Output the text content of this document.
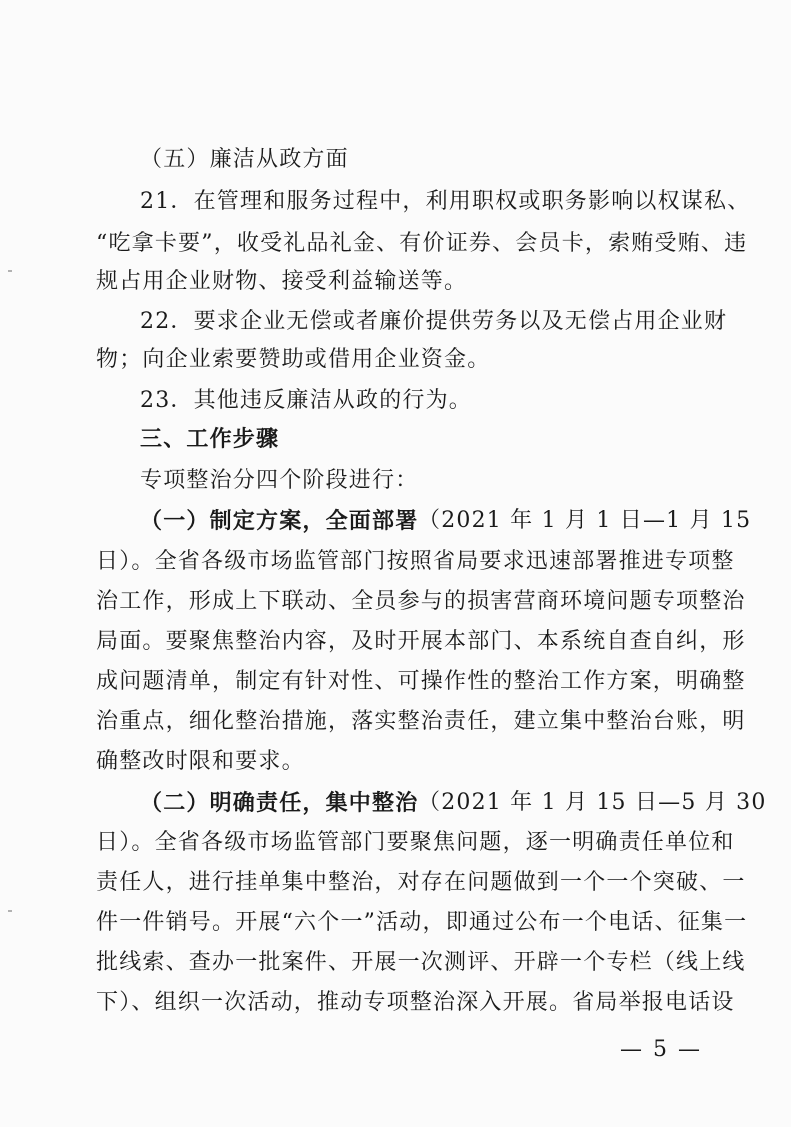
（五）廉洁从政方面
21．在管理和服务过程中，利用职权或职务影响以权谋私、
“吃拿卡要”，收受礼品礼金、有价证券、会员卡，索贿受贿、违
规占用企业财物、接受利益输送等。
22．要求企业无偿或者廉价提供劳务以及无偿占用企业财
物；向企业索要赞助或借用企业资金。
23．其他违反廉洁从政的行为。
三、工作步骤
专项整治分四个阶段进行：
（一）制定方案，全面部署 （2021 年 1 月 1 日—1 月 15
日）。全省各级市场监管部门按照省局要求迅速部署推进专项整
治工作，形成上下联动、全员参与的损害营商环境问题专项整治
局面。要聚焦整治内容，及时开展本部门、本系统自查自纠，形
成问题清单，制定有针对性、可操作性的整治工作方案，明确整
治重点，细化整治措施，落实整治责任，建立集中整治台账，明
确整改时限和要求。
（二）明确责任，集中整治 （2021 年 1 月 15 日—5 月 30
日）。全省各级市场监管部门要聚焦问题，逐一明确责任单位和
责任人，进行挂单集中整治，对存在问题做到一个一个突破、一
件一件销号。开展“六个一”活动，即通过公布一个电话、征集一
批线索、查办一批案件、开展一次测评、开辟一个专栏（线上线
下）、组织一次活动，推动专项整治深入开展。省局举报电话设
— 5 —
